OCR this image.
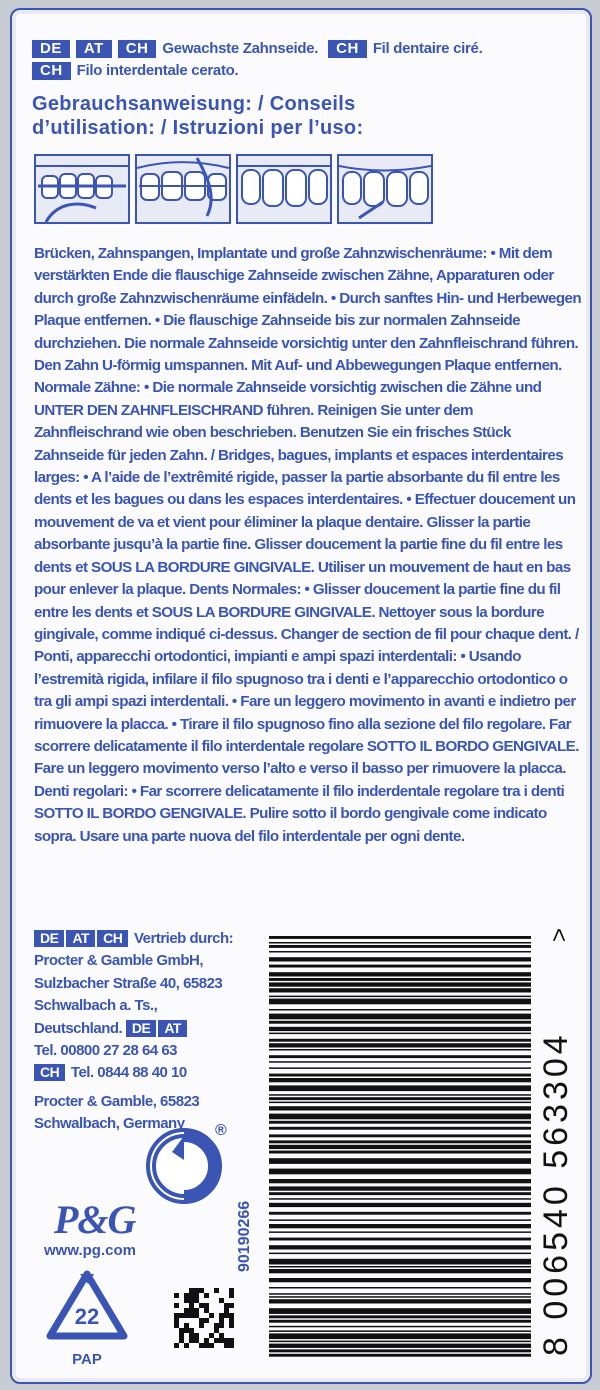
DE AT CH Gewachste Zahnseide. CH Fil dentaire ciré.
CH Filo interdentale cerato.
Gebrauchsanweisung: / Conseils
d’utilisation: / Istruzioni per l’uso:
Brücken, Zahnspangen, Implantate und große Zahnzwischenräume: • Mit dem verstärkten Ende die flauschige Zahnseide zwischen Zähne, Apparaturen oder durch große Zahnzwischenräume einfädeln. • Durch sanftes Hin- und Herbewegen Plaque entfernen. • Die flauschige Zahnseide bis zur normalen Zahnseide durchziehen. Die normale Zahnseide vorsichtig unter den Zahnfleischrand führen. Den Zahn U-förmig umspannen. Mit Auf- und Abbewegungen Plaque entfernen. Normale Zähne: • Die normale Zahnseide vorsichtig zwischen die Zähne und UNTER DEN ZAHNFLEISCHRAND führen. Reinigen Sie unter dem Zahnfleischrand wie oben beschrieben. Benutzen Sie ein frisches Stück Zahnseide für jeden Zahn. / Bridges, bagues, implants et espaces interdentaires larges: • A l’aide de l’extrêmité rigide, passer la partie absorbante du fil entre les dents et les bagues ou dans les espaces interdentaires. • Effectuer doucement un mouvement de va et vient pour éliminer la plaque dentaire. Glisser la partie absorbante jusqu’à la partie fine. Glisser doucement la partie fine du fil entre les dents et SOUS LA BORDURE GINGIVALE. Utiliser un mouvement de haut en bas pour enlever la plaque. Dents Normales: • Glisser doucement la partie fine du fil entre les dents et SOUS LA BORDURE GINGIVALE. Nettoyer sous la bordure gingivale, comme indiqué ci-dessus. Changer de section de fil pour chaque dent. / Ponti, apparecchi ortodontici, impianti e ampi spazi interdentali: • Usando l’estremità rigida, infilare il filo spugnoso tra i denti e l’apparecchio ortodontico o tra gli ampi spazi interdentali. • Fare un leggero movimento in avanti e indietro per rimuovere la placca. • Tirare il filo spugnoso fino alla sezione del filo regolare. Far scorrere delicatamente il filo interdentale regolare SOTTO IL BORDO GENGIVALE. Fare un leggero movimento verso l’alto e verso il basso per rimuovere la placca. Denti regolari: • Far scorrere delicatamente il filo inderdentale regolare tra i denti SOTTO IL BORDO GENGIVALE. Pulire sotto il bordo gengivale come indicato sopra. Usare una parte nuova del filo interdentale per ogni dente.
DE AT CH Vertrieb durch: Procter & Gamble GmbH, Sulzbacher Straße 40, 65823 Schwalbach a. Ts., Deutschland. DE AT
Tel. 00800 27 28 64 63
CH Tel. 0844 88 40 10

Procter & Gamble, 65823 Schwalbach, Germany	®
90190266
P&G
www.pg.com
22
PAP
8 006540 563304
>
